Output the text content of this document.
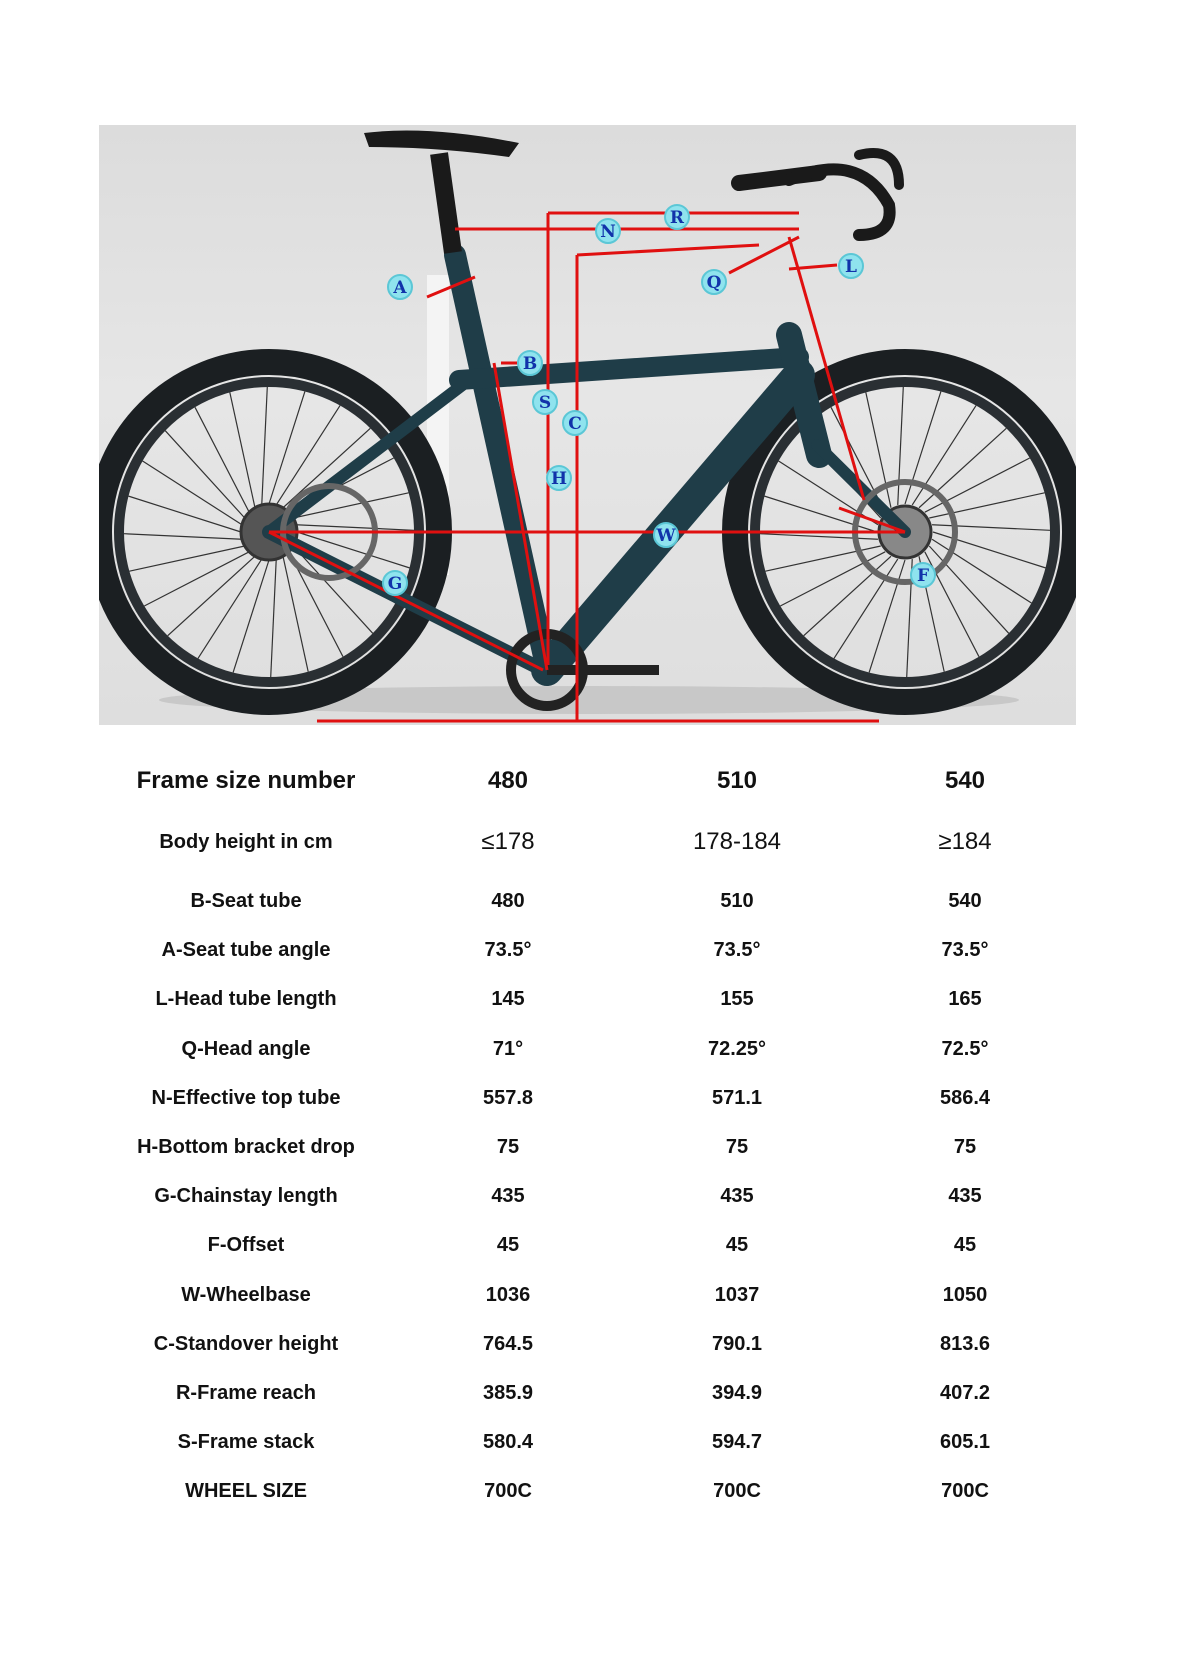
A
B
C
F
G
H
L
N
Q
R
S
W
Frame size number	480	510	540
Body height in cm	≤178	178-184	≥184
B-Seat tube	480	510	540
A-Seat tube angle	73.5°	73.5°	73.5°
L-Head tube length	145	155	165
Q-Head angle	71°	72.25°	72.5°
N-Effective top tube	557.8	571.1	586.4
H-Bottom bracket drop	75	75	75
G-Chainstay length	435	435	435
F-Offset	45	45	45
W-Wheelbase	1036	1037	1050
C-Standover height	764.5	790.1	813.6
R-Frame reach	385.9	394.9	407.2
S-Frame stack	580.4	594.7	605.1
WHEEL SIZE	700C	700C	700C
